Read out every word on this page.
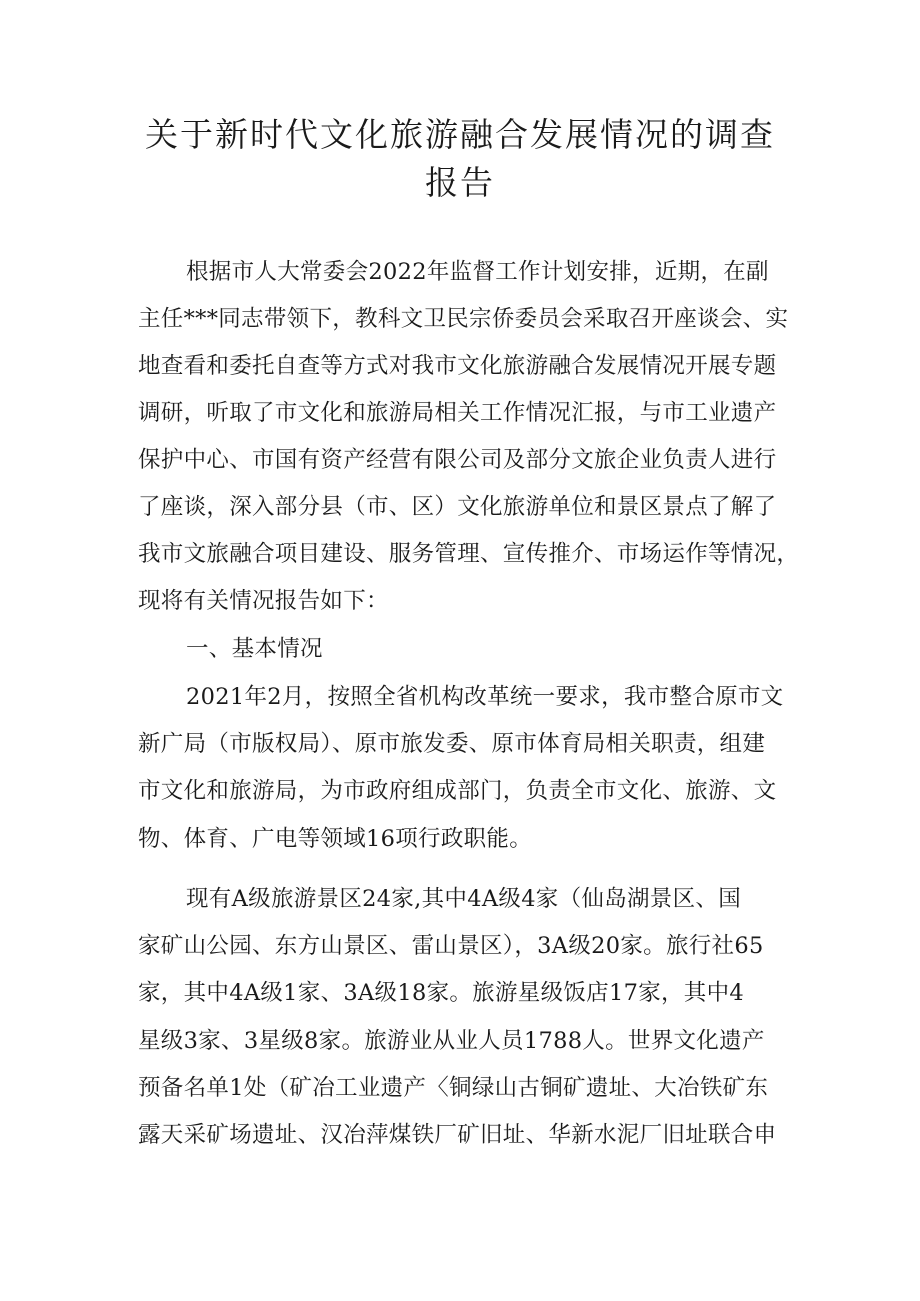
关于新时代文化旅游融合发展情况的调查
报告
根据市人大常委会2022年监督工作计划安排，近期，在副
主任***同志带领下，教科文卫民宗侨委员会采取召开座谈会、实
地查看和委托自查等方式对我市文化旅游融合发展情况开展专题
调研，听取了市文化和旅游局相关工作情况汇报，与市工业遗产
保护中心、市国有资产经营有限公司及部分文旅企业负责人进行
了座谈，深入部分县（市、区）文化旅游单位和景区景点了解了
我市文旅融合项目建设、服务管理、宣传推介、市场运作等情况，
现将有关情况报告如下：
一、基本情况
2021年2月，按照全省机构改革统一要求，我市整合原市文
新广局（市版权局）、原市旅发委、原市体育局相关职责，组建
市文化和旅游局，为市政府组成部门，负责全市文化、旅游、文
物、体育、广电等领域16项行政职能。
现有A级旅游景区24家,其中4A级4家（仙岛湖景区、国
家矿山公园、东方山景区、雷山景区），3A级20家。旅行社65
家，其中4A级1家、3A级18家。旅游星级饭店17家，其中4
星级3家、3星级8家。旅游业从业人员1788人。世界文化遗产
预备名单1处（矿冶工业遗产〈铜绿山古铜矿遗址、大冶铁矿东
露天采矿场遗址、汉冶萍煤铁厂矿旧址、华新水泥厂旧址联合申
